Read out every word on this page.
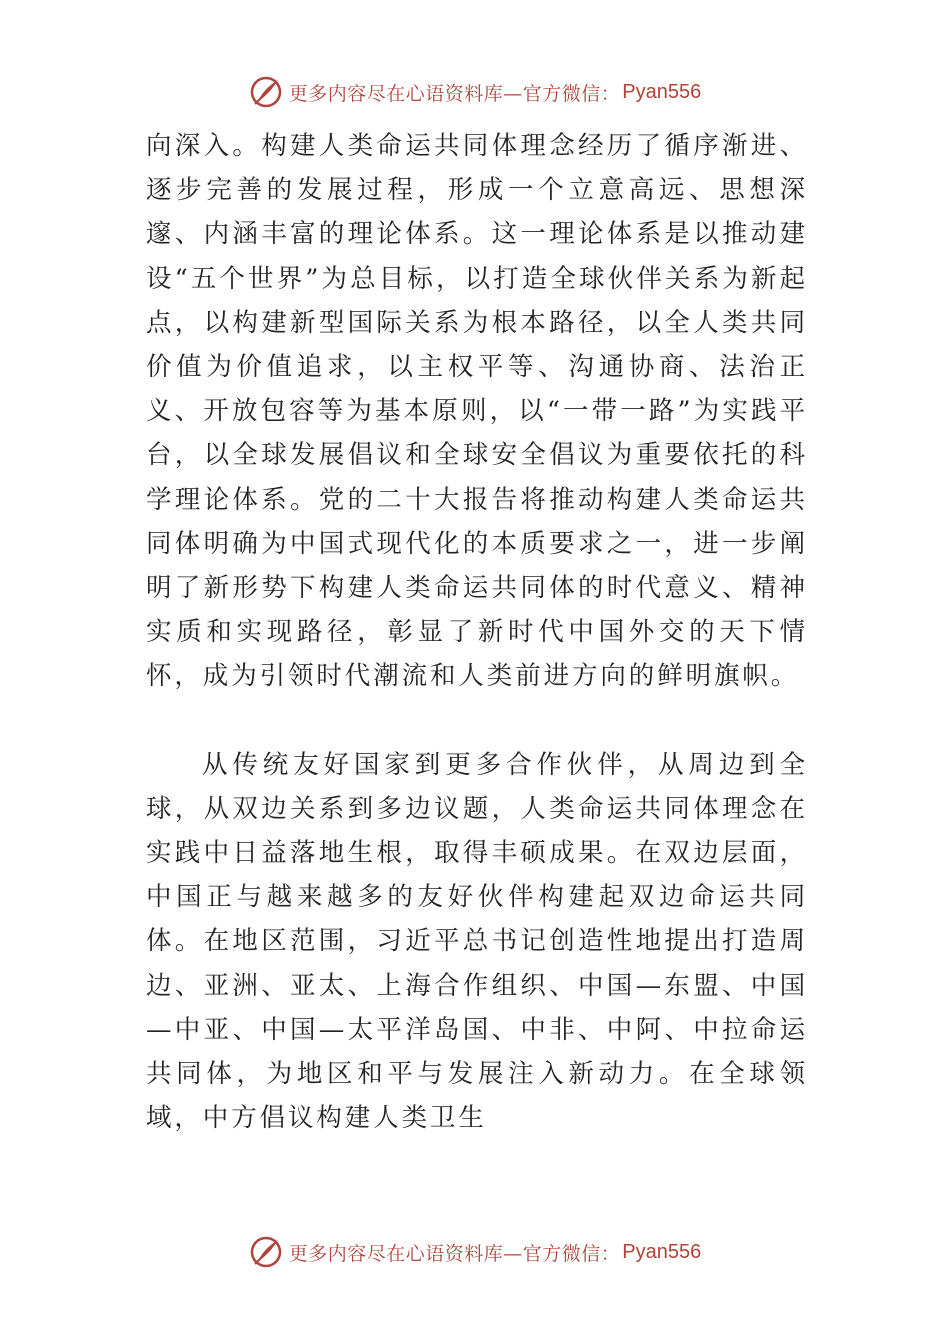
更多内容尽在心语资料库—官方微信： Pyan556

向深入。构建人类命运共同体理念经历了循序渐进、逐步完善的发展过程，形成一个立意高远、思想深邃、内涵丰富的理论体系。这一理论体系是以推动建设“五个世界”为总目标，以打造全球伙伴关系为新起点，以构建新型国际关系为根本路径，以全人类共同价值为价值追求，以主权平等、沟通协商、法治正义、开放包容等为基本原则，以“一带一路”为实践平台，以全球发展倡议和全球安全倡议为重要依托的科学理论体系。党的二十大报告将推动构建人类命运共同体明确为中国式现代化的本质要求之一，进一步阐明了新形势下构建人类命运共同体的时代意义、精神实质和实现路径，彰显了新时代中国外交的天下情怀，成为引领时代潮流和人类前进方向的鲜明旗帜。

从传统友好国家到更多合作伙伴，从周边到全球，从双边关系到多边议题，人类命运共同体理念在实践中日益落地生根，取得丰硕成果。在双边层面，中国正与越来越多的友好伙伴构建起双边命运共同体。在地区范围，习近平总书记创造性地提出打造周边、亚洲、亚太、上海合作组织、中国—东盟、中国—中亚、中国—太平洋岛国、中非、中阿、中拉命运共同体，为地区和平与发展注入新动力。在全球领域，中方倡议构建人类卫生

更多内容尽在心语资料库—官方微信： Pyan556
